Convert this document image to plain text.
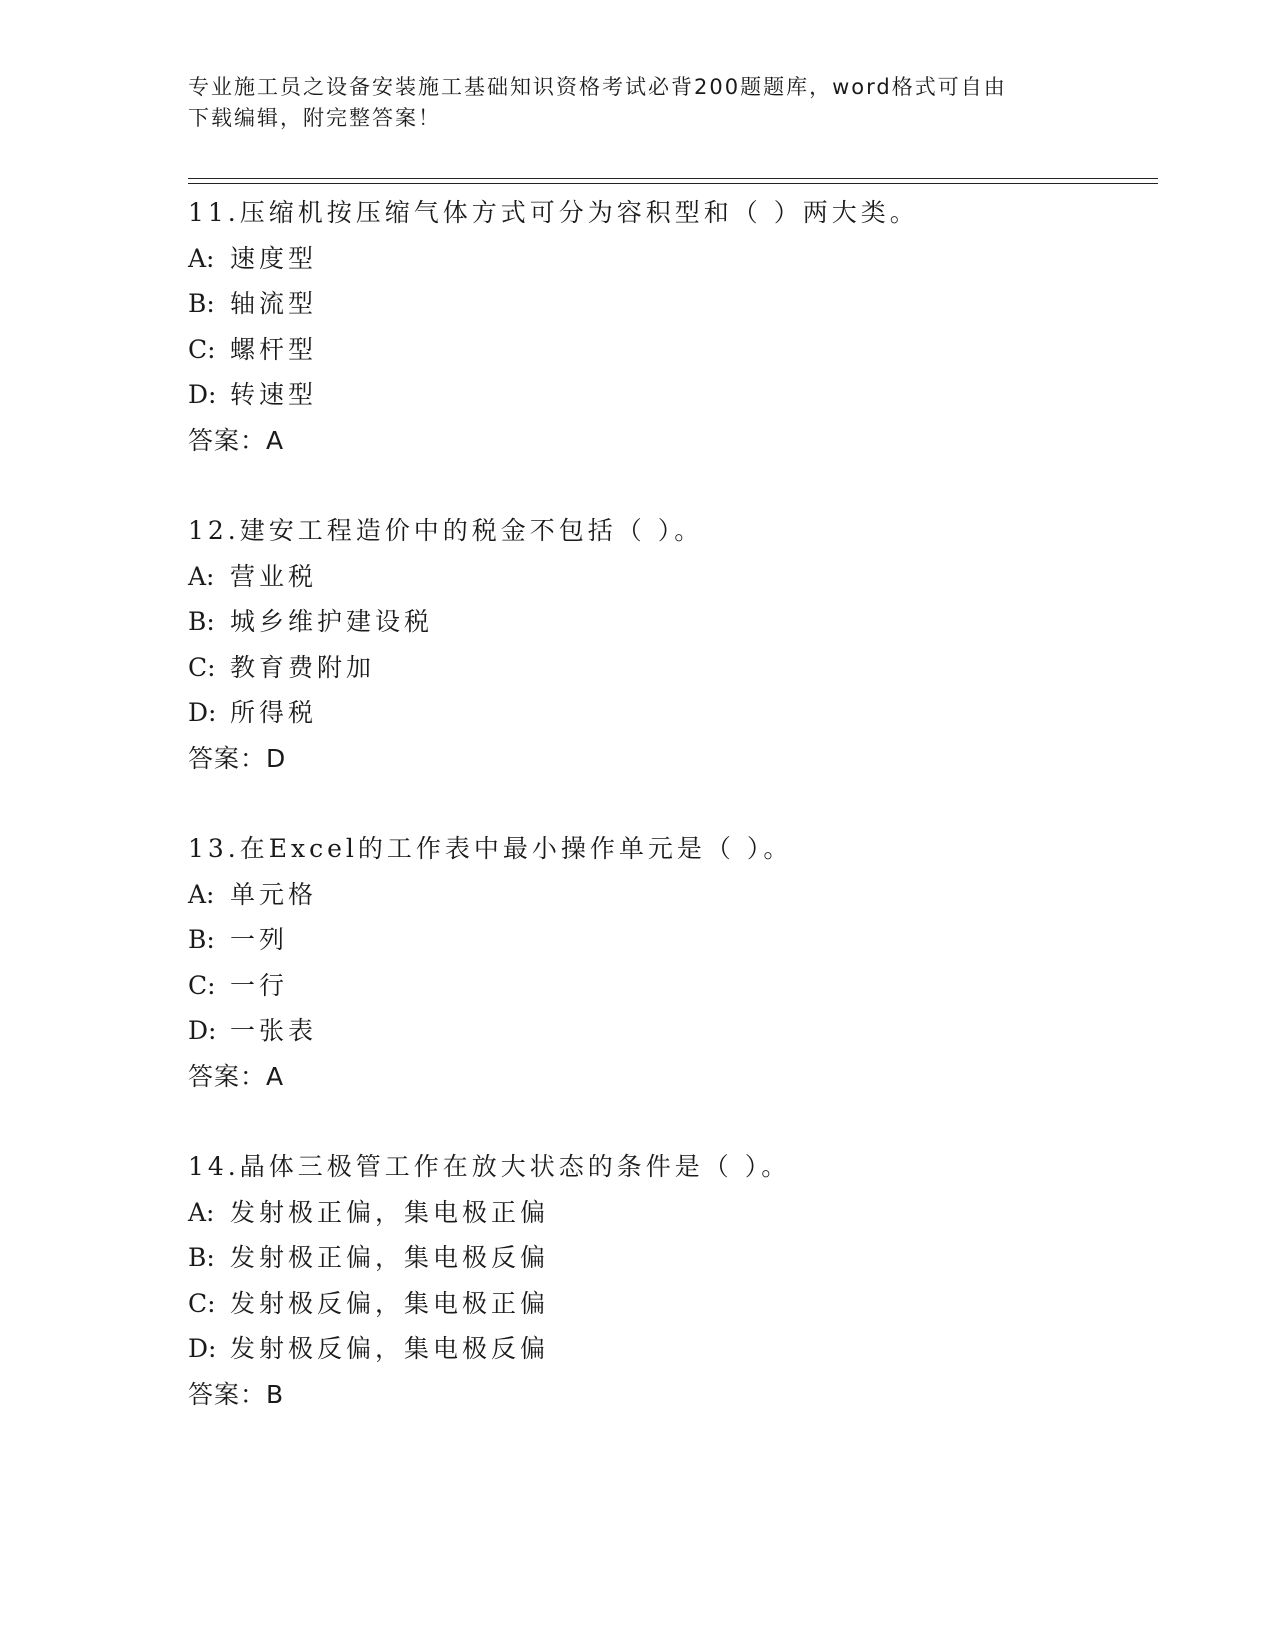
专业施工员之设备安装施工基础知识资格考试必背200题题库，word格式可自由
下载编辑，附完整答案！
11.压缩机按压缩气体方式可分为容积型和（ ）两大类。
A: 速度型
B: 轴流型
C: 螺杆型
D: 转速型
答案：A
12.建安工程造价中的税金不包括（ ）。
A: 营业税
B: 城乡维护建设税
C: 教育费附加
D: 所得税
答案：D
13.在Excel的工作表中最小操作单元是（ ）。
A: 单元格
B: 一列
C: 一行
D: 一张表
答案：A
14.晶体三极管工作在放大状态的条件是（ ）。
A: 发射极正偏，集电极正偏
B: 发射极正偏，集电极反偏
C: 发射极反偏，集电极正偏
D: 发射极反偏，集电极反偏
答案：B
